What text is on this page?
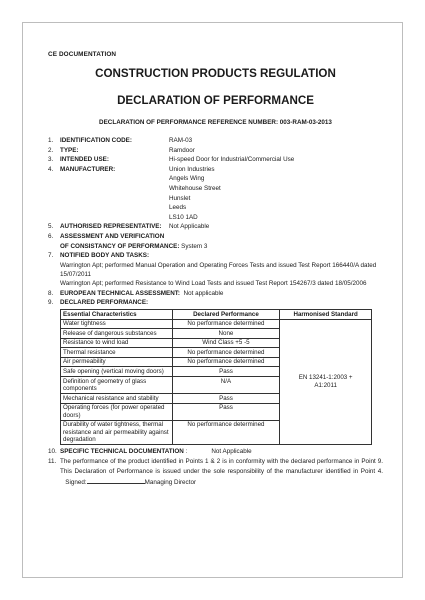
CE DOCUMENTATION
CONSTRUCTION PRODUCTS REGULATION
DECLARATION OF PERFORMANCE
DECLARATION OF PERFORMANCE REFERENCE NUMBER: 003-RAM-03-2013
1.	IDENTIFICATION CODE:	RAM-03
2.	TYPE:	Ramdoor
3.	INTENDED USE:	Hi-speed Door for Industrial/Commercial Use
4.	MANUFACTURER:	Union Industries
Angels Wing
Whitehouse Street
Hunslet
Leeds
LS10 1AD
5.	AUTHORISED REPRESENTATIVE:	Not Applicable
6.	ASSESSMENT AND VERIFICATION
OF CONSISTANCY OF PERFORMANCE:
System 3
7.	NOTIFIED BODY AND TASKS:
Warrington Apt; performed Manual Operation and Operating Forces Tests and issued Test Report 166440/A dated 15/07/2011
Warrington Apt; performed Resistance to Wind Load Tests and issued Test Report 154267/3 dated 18/05/2006
8.	EUROPEAN TECHNICAL ASSESSMENT:
Not applicable
9.	DECLARED PERFORMANCE:
Essential Characteristics	Declared Performance	Harmonised Standard
Water tightness	No performance determined	EN 13241-1:2003 +
A1:2011

Release of dangerous substances	None	
Resistance to wind load	Wind Class +5 -5	
Thermal resistance	No performance determined	
Air permeability	No performance determined	
Safe opening (vertical moving doors)	Pass	
Definition of geometry of glass components	N/A	
Mechanical resistance and stability	Pass	
Operating forces (for power operated doors)	Pass	
Durability of water tightness, thermal resistance and air permeability against degradation	No performance determined	
10. SPECIFIC TECHNICAL DOCUMENTATION
:	Not Applicable
11. The performance of the product identified in Points 1 & 2 is in conformity with the declared performance in Point 9. This Declaration of Performance is issued under the sole responsibility of the manufacturer identified in Point 4.    Signed:	Managing Director
